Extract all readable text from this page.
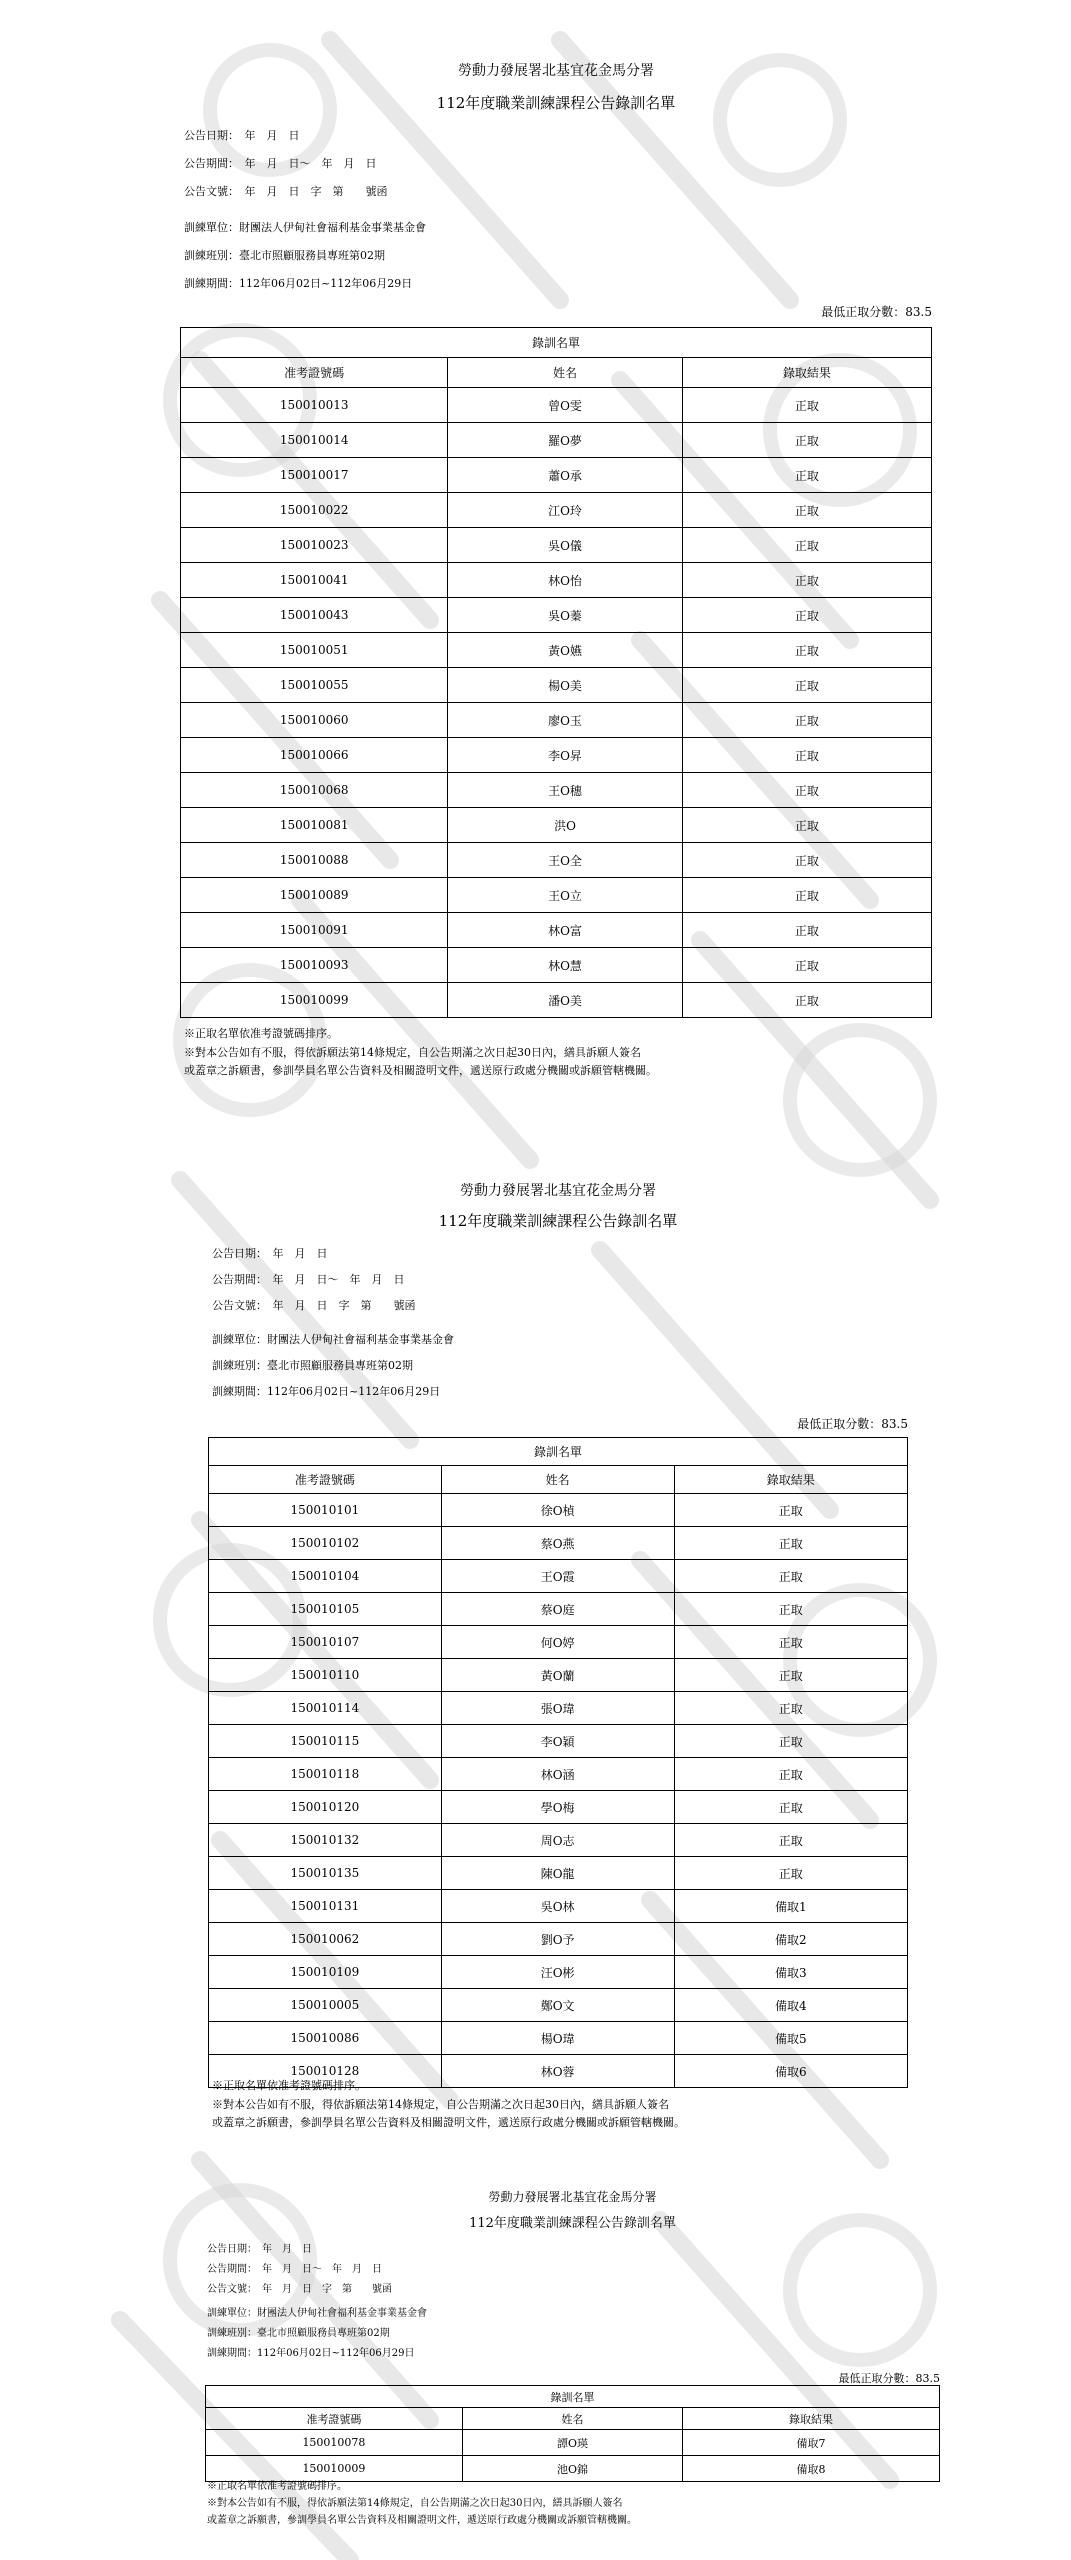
勞動力發展署北基宜花金馬分署
112年度職業訓練課程公告錄訓名單
公告日期：　年　月　日
公告期間：　年　月　日～　年　月　日
公告文號：　年　月　日　字　第　　號函
訓練單位：財團法人伊甸社會福利基金事業基金會
訓練班別：臺北市照顧服務員專班第02期
訓練期間：112年06月02日~112年06月29日
最低正取分數：83.5
錄訓名單		
准考證號碼	姓名	錄取結果
150010013	曾O雯	正取
150010014	羅O夢	正取
150010017	蕭O承	正取
150010022	江O玲	正取
150010023	吳O儀	正取
150010041	林O怡	正取
150010043	吳O蓁	正取
150010051	黃O嬿	正取
150010055	楊O美	正取
150010060	廖O玉	正取
150010066	李O昇	正取
150010068	王O穗	正取
150010081	洪O	正取
150010088	王O全	正取
150010089	王O立	正取
150010091	林O富	正取
150010093	林O慧	正取
150010099	潘O美	正取

※正取名單依准考證號碼排序。

※對本公告如有不服，得依訴願法第14條規定，自公告期滿之次日起30日內，繕具訴願人簽名

或蓋章之訴願書，參訓學員名單公告資料及相關證明文件，遞送原行政處分機關或訴願管轄機關。

勞動力發展署北基宜花金馬分署
112年度職業訓練課程公告錄訓名單
公告日期：　年　月　日
公告期間：　年　月　日～　年　月　日
公告文號：　年　月　日　字　第　　號函
訓練單位：財團法人伊甸社會福利基金事業基金會
訓練班別：臺北市照顧服務員專班第02期
訓練期間：112年06月02日~112年06月29日
最低正取分數：83.5
錄訓名單		
准考證號碼	姓名	錄取結果
150010101	徐O楨	正取
150010102	蔡O燕	正取
150010104	王O霞	正取
150010105	蔡O庭	正取
150010107	何O婷	正取
150010110	黃O蘭	正取
150010114	張O瑋	正取
150010115	李O穎	正取
150010118	林O涵	正取
150010120	學O梅	正取
150010132	周O志	正取
150010135	陳O龍	正取
150010131	吳O林	備取1
150010062	劉O予	備取2
150010109	汪O彬	備取3
150010005	鄭O文	備取4
150010086	楊O瑋	備取5
150010128	林O蓉	備取6

※正取名單依准考證號碼排序。

※對本公告如有不服，得依訴願法第14條規定，自公告期滿之次日起30日內，繕具訴願人簽名

或蓋章之訴願書，參訓學員名單公告資料及相關證明文件，遞送原行政處分機關或訴願管轄機關。

勞動力發展署北基宜花金馬分署
112年度職業訓練課程公告錄訓名單
公告日期：　年　月　日
公告期間：　年　月　日～　年　月　日
公告文號：　年　月　日　字　第　　號函
訓練單位：財團法人伊甸社會福利基金事業基金會
訓練班別：臺北市照顧服務員專班第02期
訓練期間：112年06月02日~112年06月29日
最低正取分數：83.5
錄訓名單		
准考證號碼	姓名	錄取結果
150010078	譚O瑛	備取7
150010009	池O錦	備取8

※正取名單依准考證號碼排序。

※對本公告如有不服，得依訴願法第14條規定，自公告期滿之次日起30日內，繕具訴願人簽名

或蓋章之訴願書，參訓學員名單公告資料及相關證明文件，遞送原行政處分機關或訴願管轄機關。
